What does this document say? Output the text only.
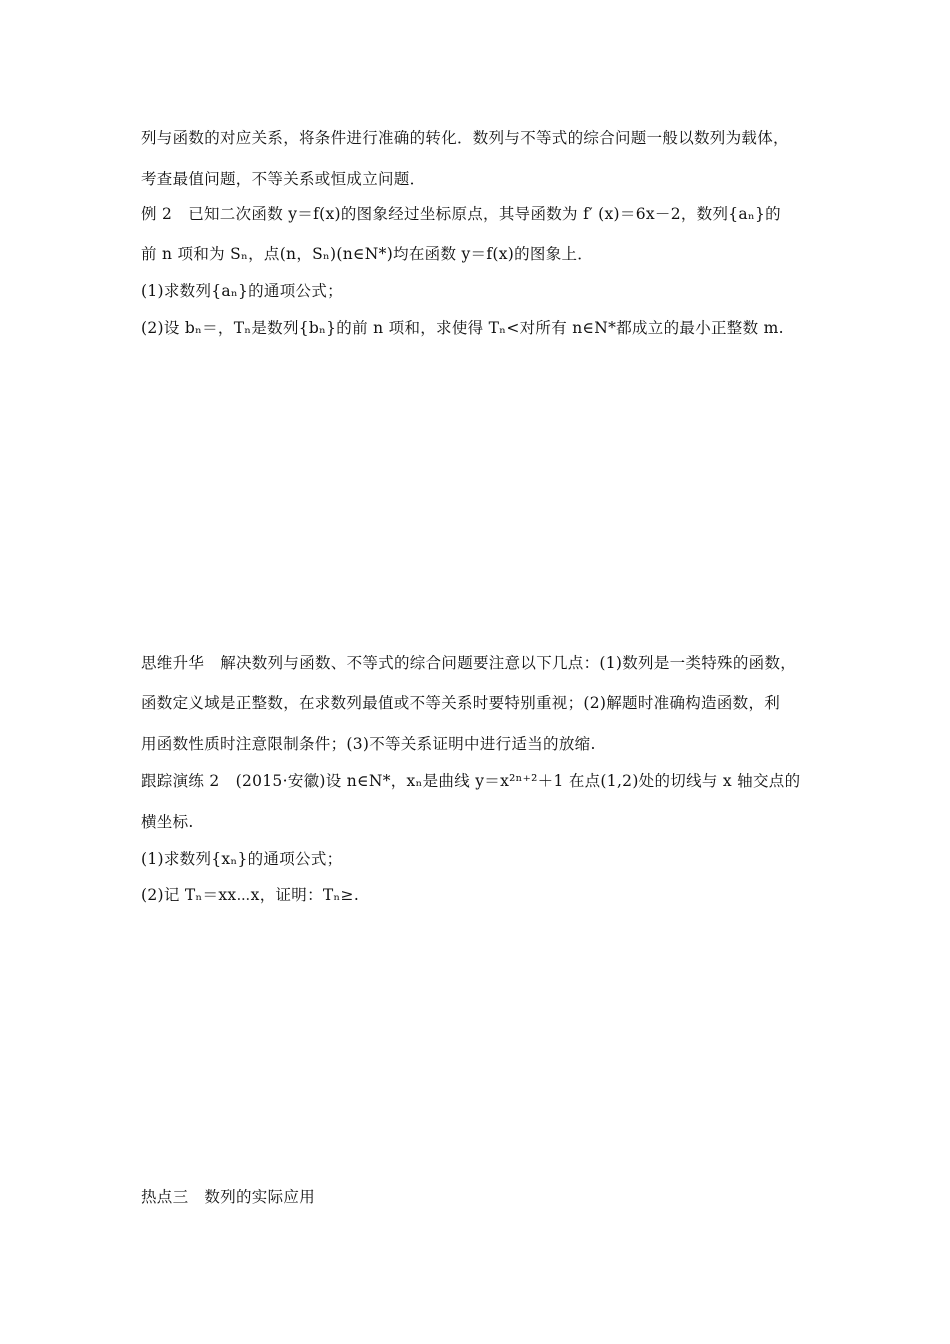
列与函数的对应关系，将条件进行准确的转化．数列与不等式的综合问题一般以数列为载体，
考查最值问题，不等关系或恒成立问题．
例 2 已知二次函数 y＝f(x)的图象经过坐标原点，其导函数为 f′ (x)＝6x－2，数列{aₙ}的
前 n 项和为 Sₙ，点(n，Sₙ)(n∈N*)均在函数 y＝f(x)的图象上．
(1)求数列{aₙ}的通项公式；
(2)设 bₙ＝，Tₙ是数列{bₙ}的前 n 项和，求使得 Tₙ<对所有 n∈N*都成立的最小正整数 m.
思维升华 解决数列与函数、不等式的综合问题要注意以下几点：(1)数列是一类特殊的函数，
函数定义域是正整数，在求数列最值或不等关系时要特别重视；(2)解题时准确构造函数，利
用函数性质时注意限制条件；(3)不等关系证明中进行适当的放缩.
跟踪演练 2 (2015·安徽)设 n∈N*，xₙ是曲线 y＝x²ⁿ⁺²＋1 在点(1,2)处的切线与 x 轴交点的
横坐标.
(1)求数列{xₙ}的通项公式；
(2)记 Tₙ＝xx⋯x，证明：Tₙ≥.
热点三 数列的实际应用
